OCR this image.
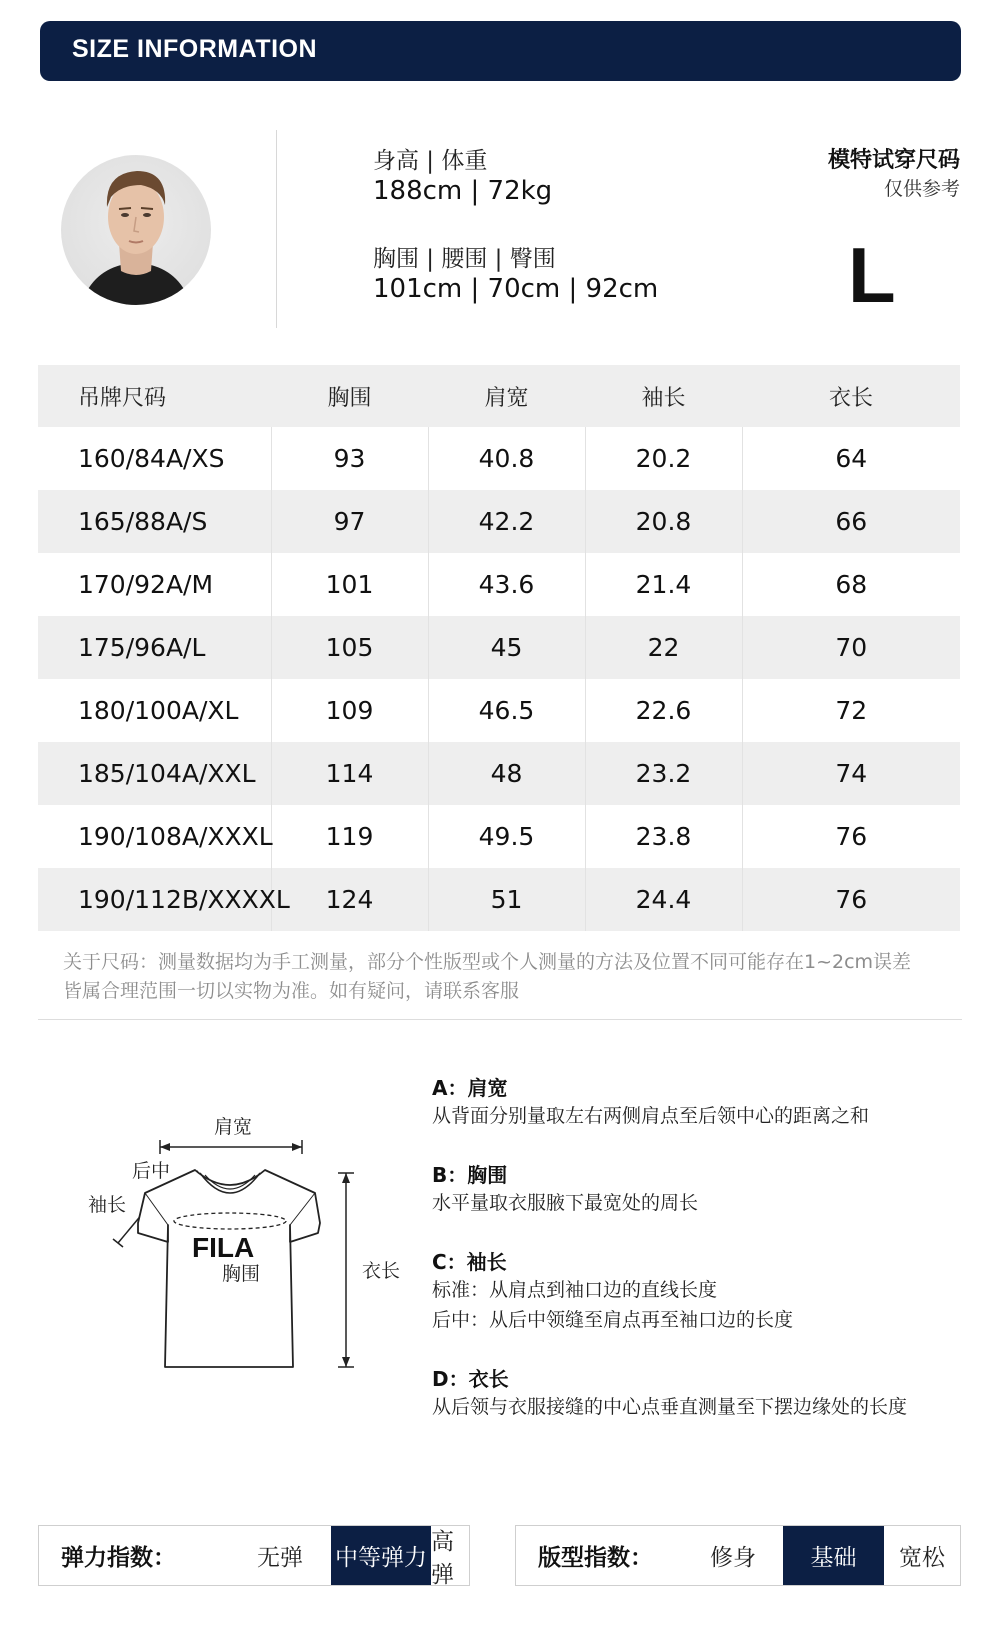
SIZE INFORMATION
身高 | 体重
188cm | 72kg
胸围 | 腰围 | 臀围
101cm | 70cm | 92cm
模特试穿尺码
仅供参考
L
吊牌尺码	胸围	肩宽	袖长	衣长
160/84A/XS	93	40.8	20.2	64
165/88A/S	97	42.2	20.8	66
170/92A/M	101	43.6	21.4	68
175/96A/L	105	45	22	70
180/100A/XL	109	46.5	22.6	72
185/104A/XXL	114	48	23.2	74
190/108A/XXXL	119	49.5	23.8	76
190/112B/XXXXL	124	51	24.4	76
关于尺码：测量数据均为手工测量，部分个性版型或个人测量的方法及位置不同可能存在1~2cm误差
皆属合理范围一切以实物为准。如有疑问，请联系客服
肩宽
后中
袖长
FILA
胸围	衣长
A：肩宽
从背面分别量取左右两侧肩点至后领中心的距离之和
B：胸围
水平量取衣服腋下最宽处的周长
C：袖长
标准：从肩点到袖口边的直线长度
后中：从后中领缝至肩点再至袖口边的长度
D：衣长
从后领与衣服接缝的中心点垂直测量至下摆边缘处的长度
弹力指数：	无弹	中等弹力
高弹
版型指数：	修身	基础	宽松
